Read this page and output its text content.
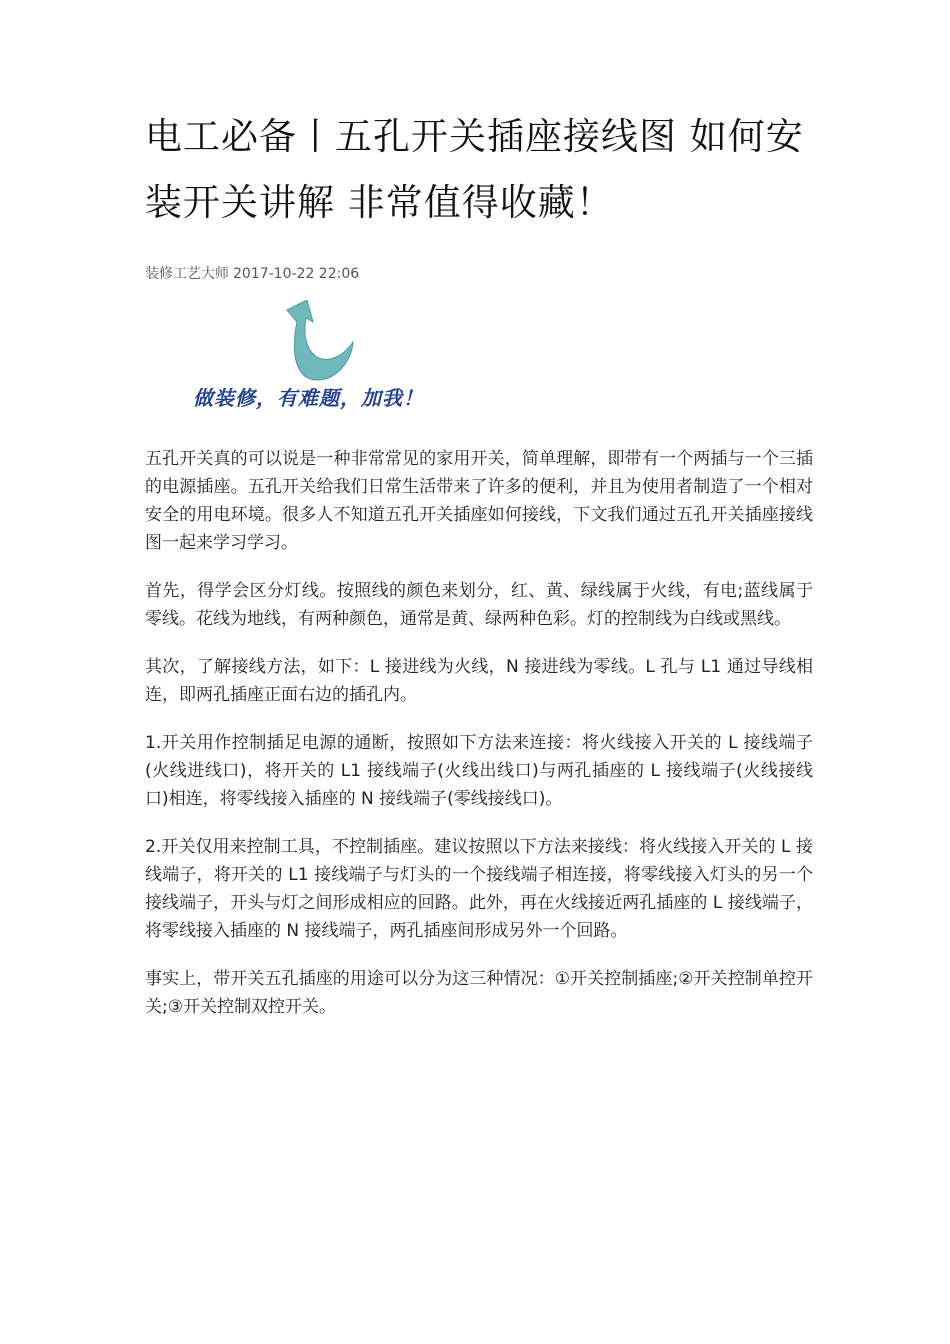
电工必备丨五孔开关插座接线图 如何安装开关讲解 非常值得收藏！
装修工艺大师 2017-10-22 22:06
做装修，有难题，加我！

五孔开关真的可以说是一种非常常见的家用开关，简单理解，即带有一个两插与一个三插的电源插座。五孔开关给我们日常生活带来了许多的便利，并且为使用者制造了一个相对安全的用电环境。很多人不知道五孔开关插座如何接线，下文我们通过五孔开关插座接线图一起来学习学习。

首先，得学会区分灯线。按照线的颜色来划分，红、黄、绿线属于火线，有电;蓝线属于零线。花线为地线，有两种颜色，通常是黄、绿两种色彩。灯的控制线为白线或黑线。

其次，了解接线方法，如下：L 接进线为火线，N 接进线为零线。L 孔与 L1 通过导线相连，即两孔插座正面右边的插孔内。

1.开关用作控制插足电源的通断，按照如下方法来连接：将火线接入开关的 L 接线端子(火线进线口)，将开关的 L1 接线端子(火线出线口)与两孔插座的 L 接线端子(火线接线口)相连，将零线接入插座的 N 接线端子(零线接线口)。

2.开关仅用来控制工具，不控制插座。建议按照以下方法来接线：将火线接入开关的 L 接线端子，将开关的 L1 接线端子与灯头的一个接线端子相连接，将零线接入灯头的另一个接线端子，开头与灯之间形成相应的回路。此外，再在火线接近两孔插座的 L 接线端子，将零线接入插座的 N 接线端子，两孔插座间形成另外一个回路。

事实上，带开关五孔插座的用途可以分为这三种情况：①开关控制插座;②开关控制单控开关;③开关控制双控开关。
